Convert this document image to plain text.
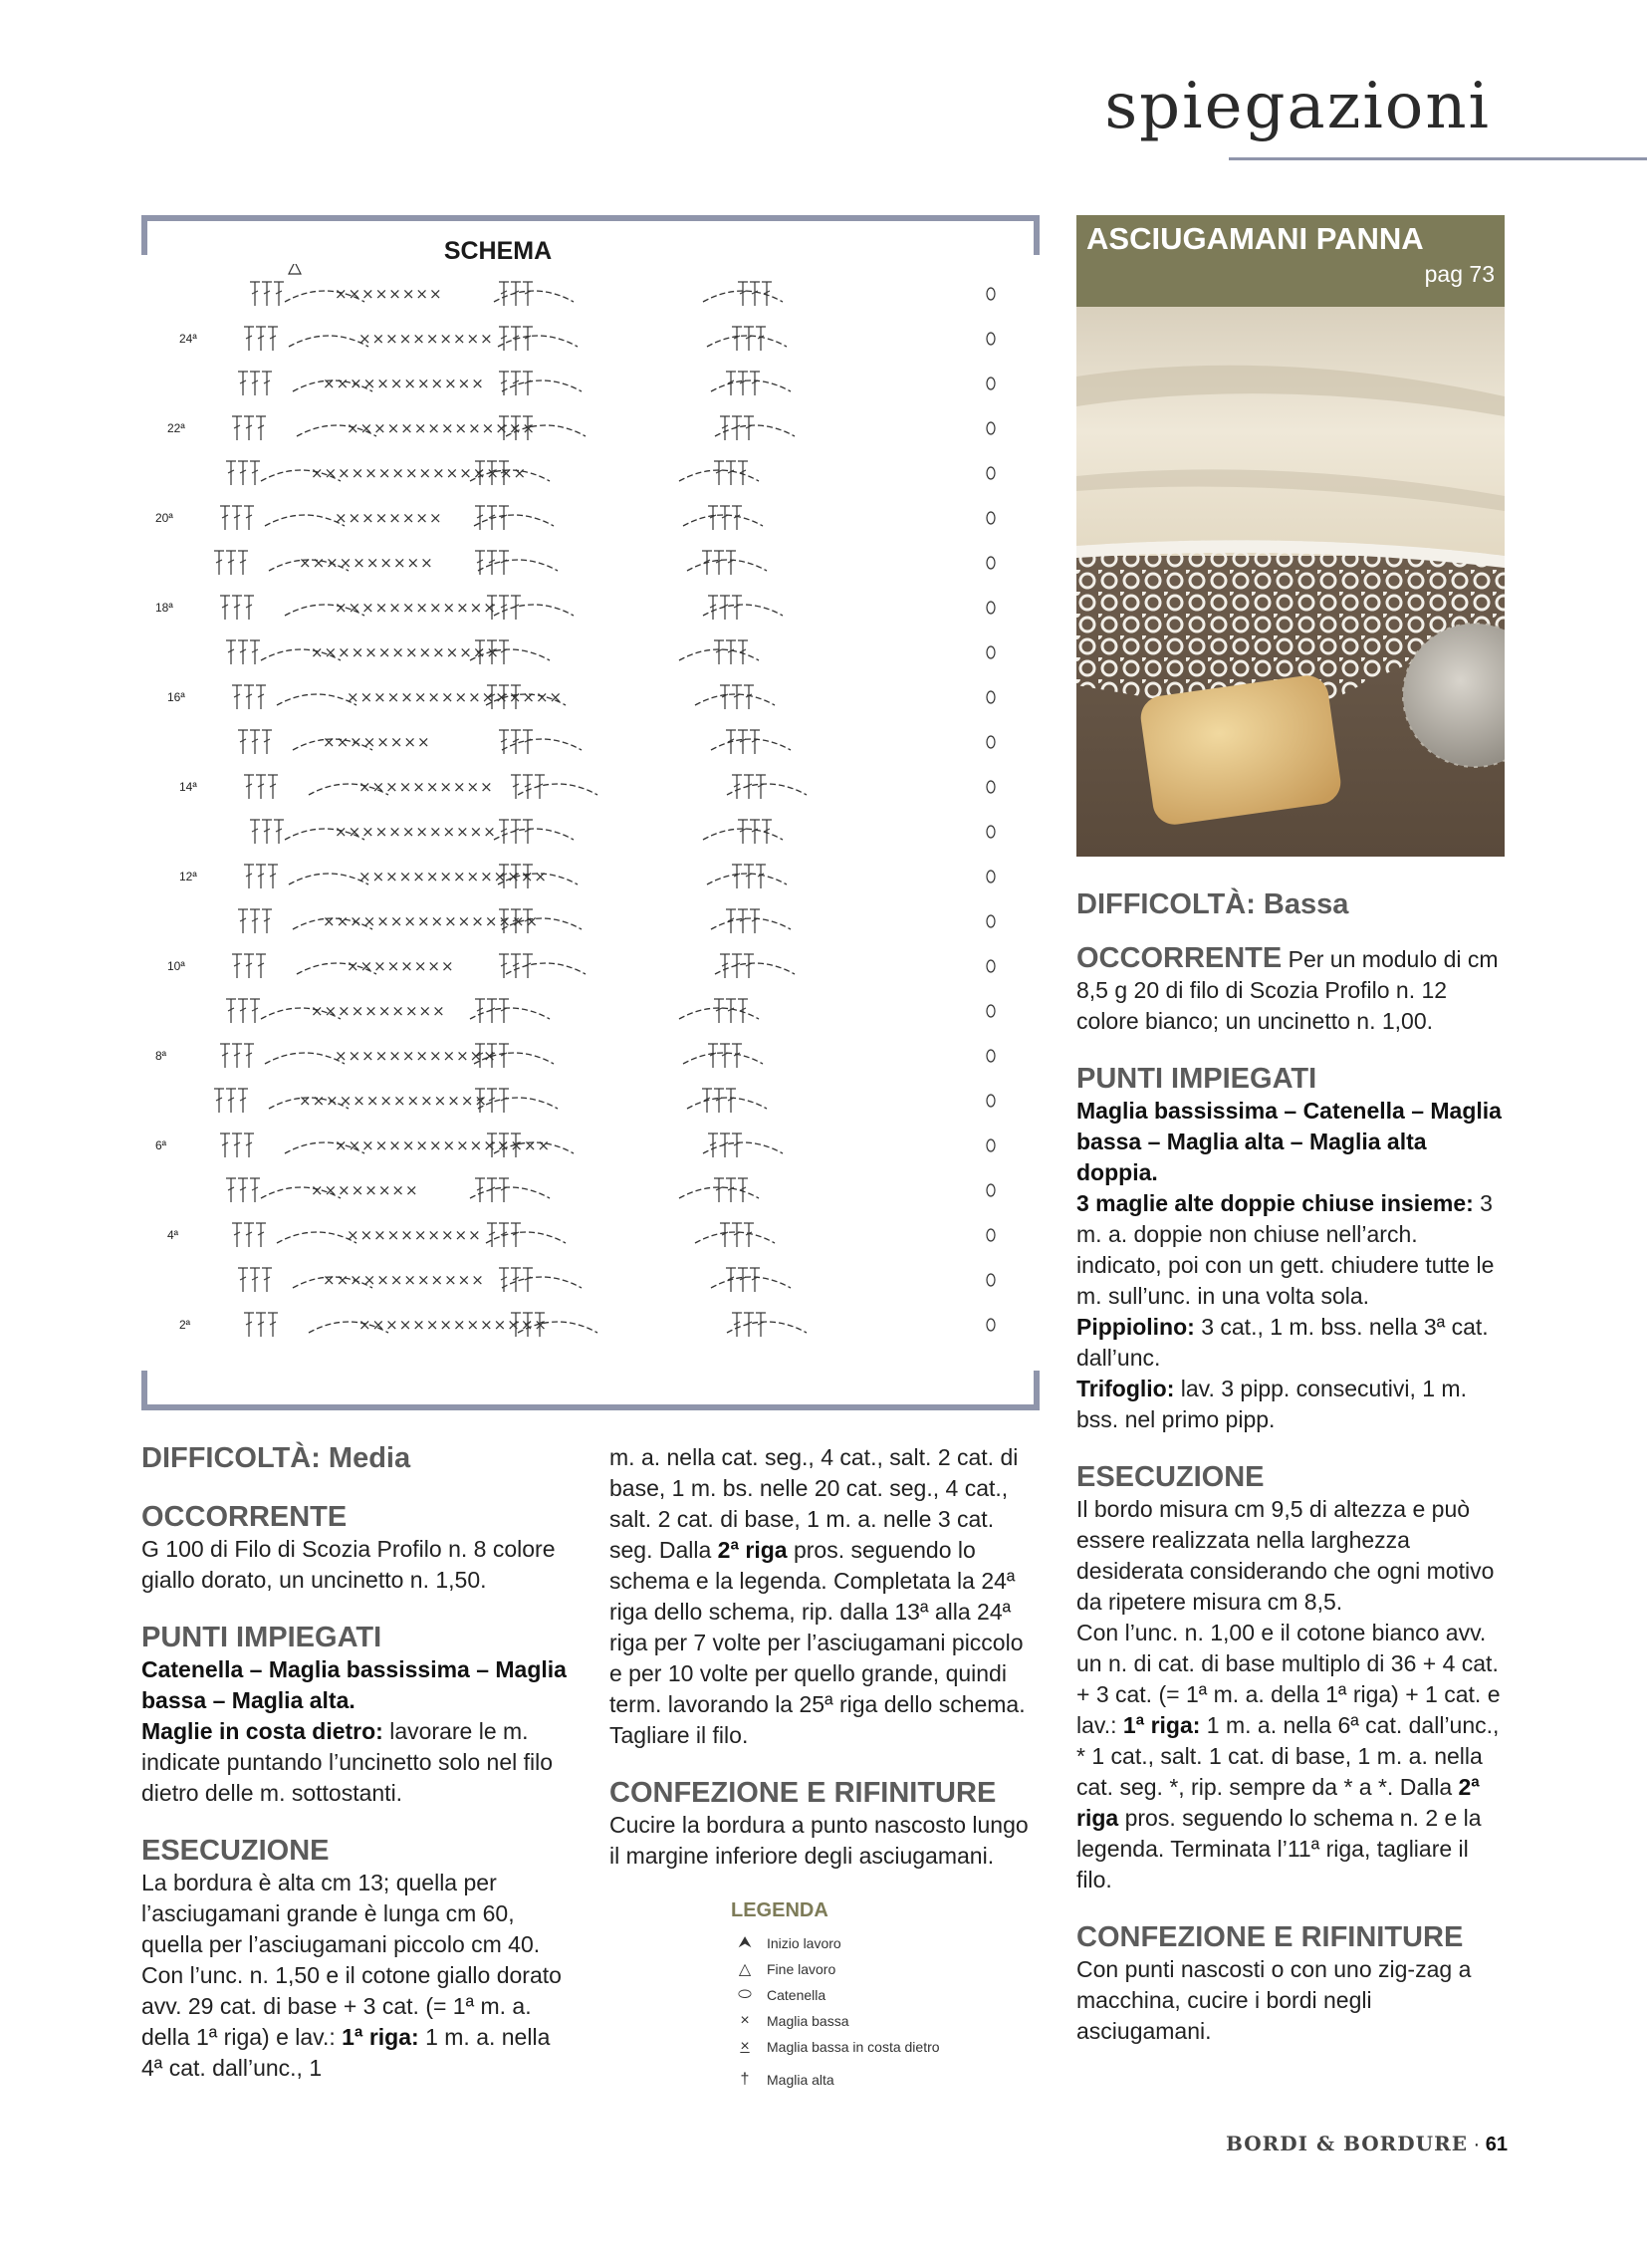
spiegazioni
SCHEMA
××××××××
24ª	××××××××××
××××××××××××
22ª	××××××××××××××
××××××××××××××××
20ª	××××××××
××××××××××
18ª	××××××××××××
××××××××××××××
16ª	××××××××××××××××
××××××××
14ª	××××××××××
××××××××××××
12ª	××××××××××××××
××××××××××××××××
10ª	××××××××
××××××××××
8ª	××××××××××××
××××××××××××××
6ª	××××××××××××××××
××××××××
4ª	××××××××××
××××××××××××
2ª	××××××××××××××
ASCIUGAMANI PANNA
pag 73
DIFFICOLTÀ: Bassa
OCCORRENTE Per un modulo di cm 8,5 g 20 di filo di Scozia Profilo n. 12 colore bianco; un uncinetto n. 1,00.
PUNTI IMPIEGATI
Maglia bassissima – Catenella – Maglia bassa – Maglia alta – Maglia alta doppia.
3 maglie alte doppie chiuse insieme: 3 m. a. doppie non chiuse nell’arch. indicato, poi con un gett. chiudere tutte le m. sull’unc. in una volta sola.
Pippiolino: 3 cat., 1 m. bss. nella 3ª cat. dall’unc.
Trifoglio: lav. 3 pipp. consecutivi, 1 m. bss. nel primo pipp.
ESECUZIONE
Il bordo misura cm 9,5 di altezza e può essere realizzata nella larghezza desiderata considerando che ogni motivo da ripetere misura cm 8,5.
Con l’unc. n. 1,00 e il cotone bianco avv. un n. di cat. di base multiplo di 36 + 4 cat. + 3 cat. (= 1ª m. a. della 1ª riga) + 1 cat. e lav.: 1ª riga: 1 m. a. nella 6ª cat. dall’unc., * 1 cat., salt. 1 cat. di base, 1 m. a. nella cat. seg. *, rip. sempre da * a *. Dalla 2ª riga pros. seguendo lo schema n. 2 e la legenda. Terminata l’11ª riga, tagliare il filo.
CONFEZIONE E RIFINITURE
Con punti nascosti o con uno zig-zag a macchina, cucire i bordi negli asciugamani.
DIFFICOLTÀ: Media
OCCORRENTE
G 100 di Filo di Scozia Profilo n. 8 colore giallo dorato, un uncinetto n. 1,50.
PUNTI IMPIEGATI
Catenella – Maglia bassissima – Maglia bassa – Maglia alta.
Maglie in costa dietro: lavorare le m. indicate puntando l’uncinetto solo nel filo dietro delle m. sottostanti.
ESECUZIONE
La bordura è alta cm 13; quella per l’asciugamani grande è lunga cm 60, quella per l’asciugamani piccolo cm 40.
Con l’unc. n. 1,50 e il cotone giallo dorato avv. 29 cat. di base + 3 cat. (= 1ª m. a. della 1ª riga) e lav.: 1ª riga: 1 m. a. nella 4ª cat. dall’unc., 1
m. a. nella cat. seg., 4 cat., salt. 2 cat. di base, 1 m. bs. nelle 20 cat. seg., 4 cat., salt. 2 cat. di base, 1 m. a. nelle 3 cat. seg. Dalla 2ª riga pros. seguendo lo schema e la legenda. Completata la 24ª riga dello schema, rip. dalla 13ª alla 24ª riga per 7 volte per l’asciugamani piccolo e per 10 volte per quello grande, quindi term. lavorando la 25ª riga dello schema. Tagliare il filo.
CONFEZIONE E RIFINITURE
Cucire la bordura a punto nascosto lungo il margine inferiore degli asciugamani.
LEGENDA
⮝	Inizio lavoro
△	Fine lavoro
⬭	Catenella
×	Maglia bassa
×	Maglia bassa in costa dietro
†	Maglia alta
BORDI & BORDURE · 61
